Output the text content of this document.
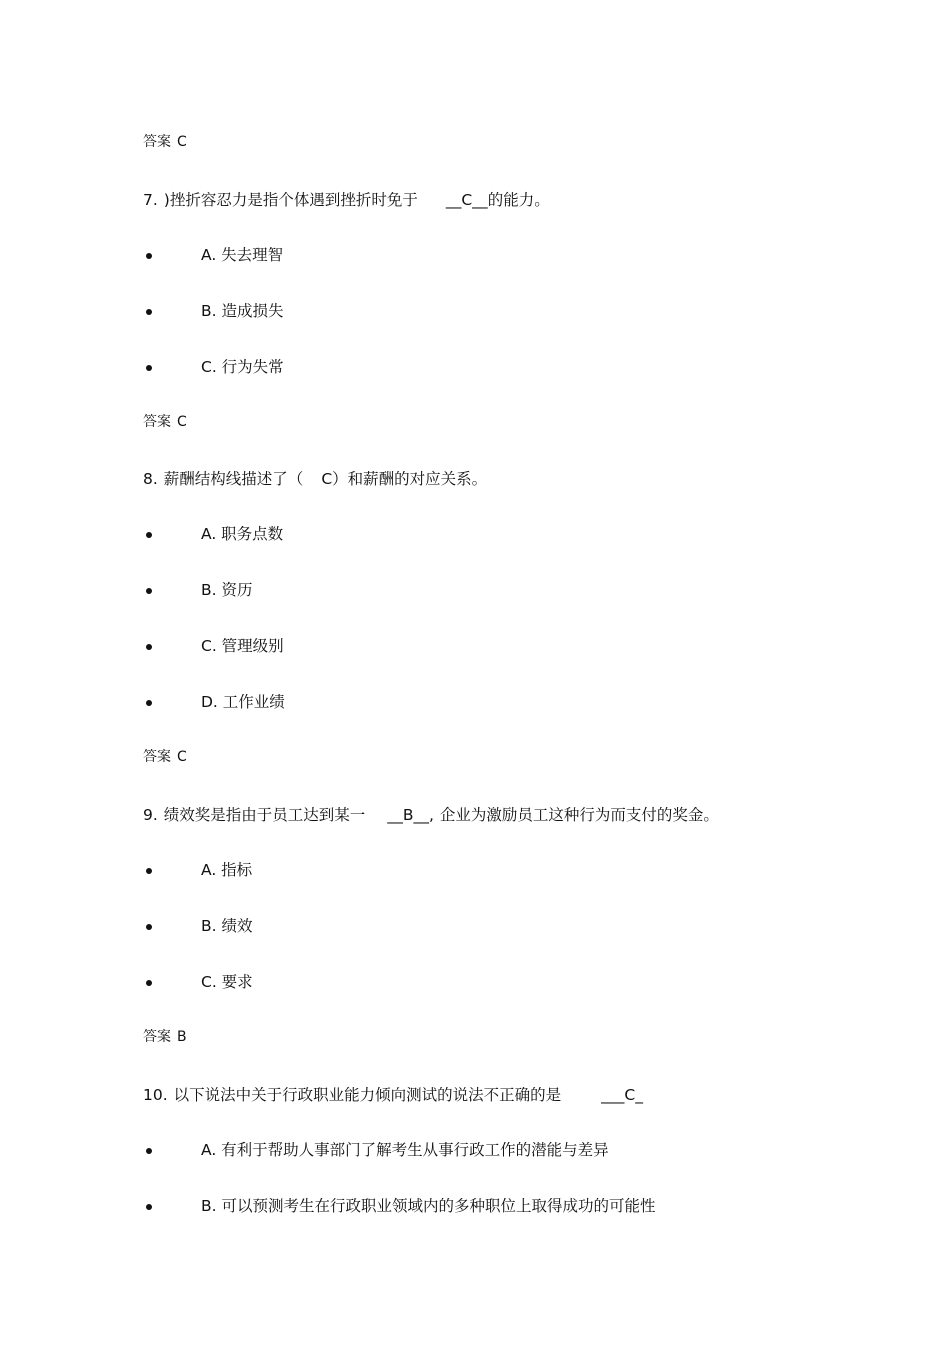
答案 C
7. )挫折容忍力是指个体遇到挫折时免于 __C__的能力。
A. 失去理智
B. 造成损失
C. 行为失常
答案 C
8. 薪酬结构线描述了（ C）和薪酬的对应关系。
A. 职务点数
B. 资历
C. 管理级别
D. 工作业绩
答案 C
9. 绩效奖是指由于员工达到某一 __B__, 企业为激励员工这种行为而支付的奖金。
A. 指标
B. 绩效
C. 要求
答案 B
10. 以下说法中关于行政职业能力倾向测试的说法不正确的是	___C_
A. 有利于帮助人事部门了解考生从事行政工作的潜能与差异
B. 可以预测考生在行政职业领域内的多种职位上取得成功的可能性
